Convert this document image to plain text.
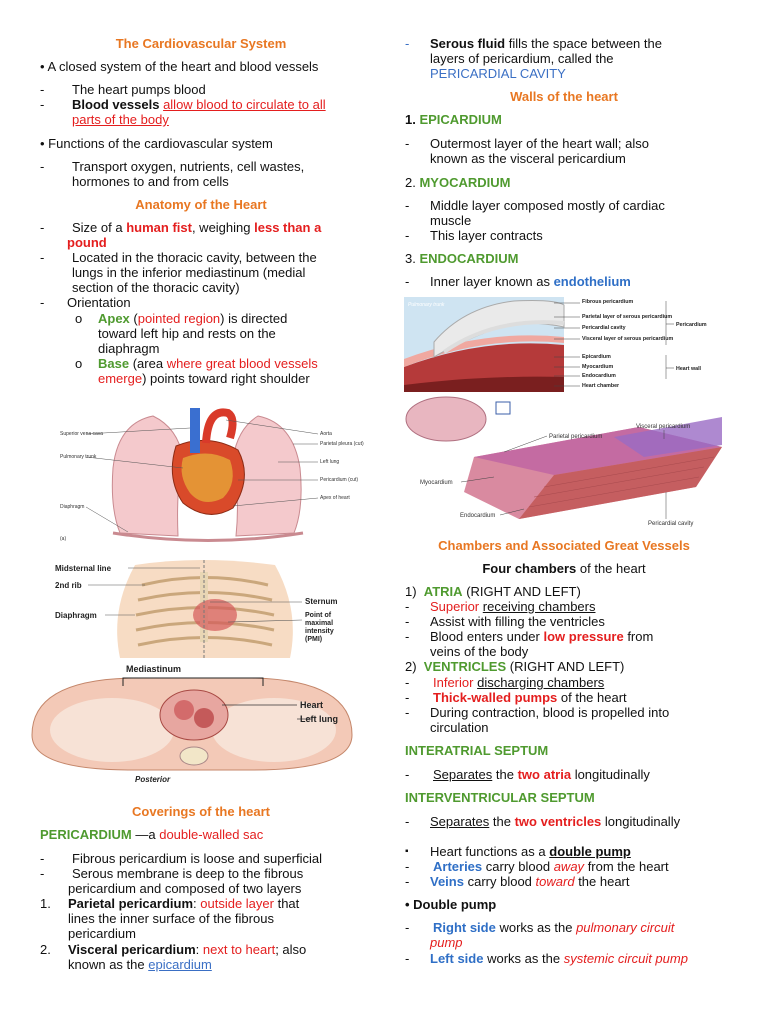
The Cardiovascular System
• A closed system of the heart and blood vessels
- The heart pumps blood
- Blood vessels allow blood to circulate to all
parts of the body
• Functions of the cardiovascular system
- Transport oxygen, nutrients, cell wastes,
hormones to and from cells
Anatomy of the Heart
- Size of a human fist, weighing less than a
pound
- Located in the thoracic cavity, between the
lungs in the inferior mediastinum (medial
section of the thoracic cavity)
- Orientation
o Apex (pointed region) is directed
toward left hip and rests on the
diaphragm
o Base (area where great blood vessels
emerge) points toward right shoulder
Coverings of the heart
PERICARDIUM —a double-walled sac
- Fibrous pericardium is loose and superficial
- Serous membrane is deep to the fibrous
pericardium and composed of two layers
1. Parietal pericardium: outside layer that
lines the inner surface of the fibrous
pericardium
2. Visceral pericardium: next to heart; also
known as the epicardium
Superior vena cava
Pulmonary trunk
Diaphragm
Aorta
Parietal pleura (cut)
Left lung
Pericardium (cut)
Apex of heart
(a)
Midsternal line
2nd rib
Diaphragm
Sternum
Point of
maximal
intensity
(PMI)
Mediastinum
Heart
Left lung
Posterior
- Serous fluid fills the space between the
layers of pericardium, called the
PERICARDIAL CAVITY
Walls of the heart
1. EPICARDIUM
- Outermost layer of the heart wall; also
known as the visceral pericardium
2. MYOCARDIUM
- Middle layer composed mostly of cardiac
muscle
- This layer contracts
3. ENDOCARDIUM
- Inner layer known as endothelium
Chambers and Associated Great Vessels
Four chambers of the heart
1) ATRIA (RIGHT AND LEFT)
- Superior receiving chambers
- Assist with filling the ventricles
- Blood enters under low pressure from
veins of the body
2) VENTRICLES (RIGHT AND LEFT)
- Inferior discharging chambers
- Thick-walled pumps of the heart
- During contraction, blood is propelled into
circulation
INTERATRIAL SEPTUM
- Separates the two atria longitudinally
INTERVENTRICULAR SEPTUM
- Separates the two ventricles longitudinally
▪ Heart functions as a double pump
- Arteries carry blood away from the heart
- Veins carry blood toward the heart
• Double pump
- Right side works as the pulmonary circuit
pump
- Left side works as the systemic circuit pump
Pulmonary trunk	Fibrous pericardium
Parietal layer of serous pericardium
Pericardial cavity
Visceral layer of serous pericardium
Epicardium
Myocardium
Endocardium
Heart chamber
Pericardium
Heart wall
Parietal pericardium
Visceral pericardium
Myocardium
Endocardium
Pericardial cavity
